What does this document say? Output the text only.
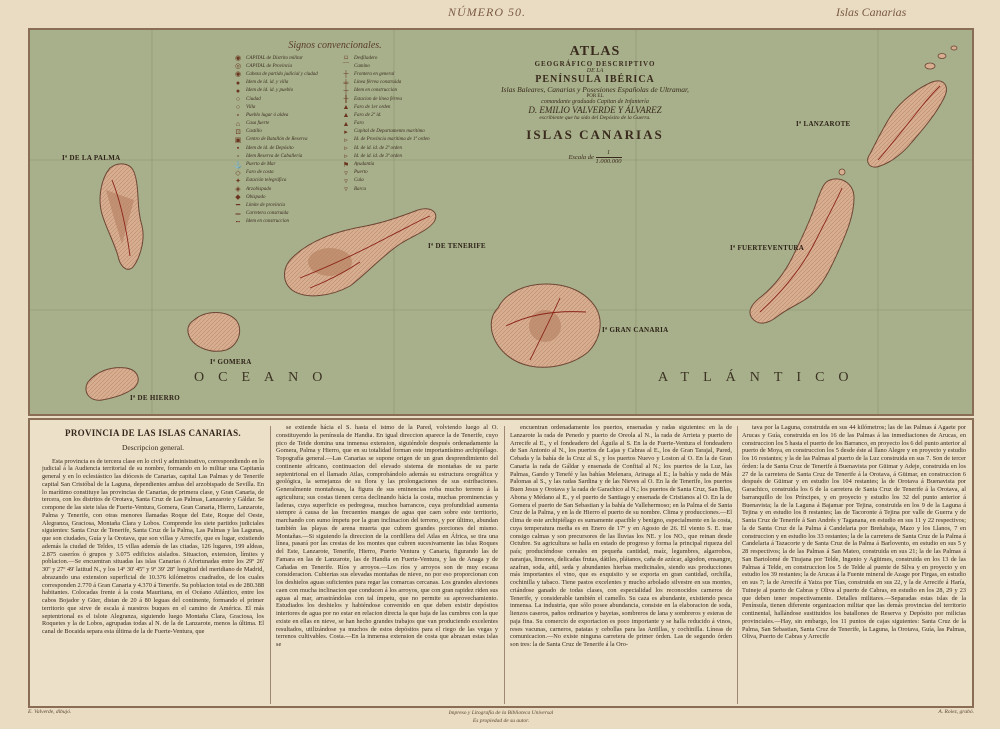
NÚMERO 50.	Islas Canarias
Signos convencionales.
◉ CAPITAL de Distrito militar
◎ CAPITAL de Provincia
◉ Cabeza de partido judicial y ciudad
●	Idem de id. id. y villa
●	Idem de id. id. y pueblo
○	Ciudad
○	Villa
∘	Pueblo lugar ó aldea
⌂	Casa fuerte
⊡	Castillo
▣ Centro de Batallón de Reserva
▪	Idem de id. de Depósito
▫	Idem Reserva de Caballería
⚓ Puerto de Mar
◇	Faro de costa
✦	Estación telegráfica
◈	Arzobispado
◆	Obispado
━	Límite de provincia
═	Carretera construida
┅	Idem en construccion
⌑	Desfiladero
⌒ Camino
┼	Frontera en general
╪	Línea férrea construida
┼	Idem en construccion
╫	Estacion de línea férrea
▲ Faro de 1er orden
▲ Faro de 2º id.
▲ Faro
▸	Capital de Departamento marítimo
▹	Id. de Provincia marítima de 1ª orden
▹	Id. de id. id. de 2ª orden
▹	Id. de id. id. de 3ª orden
⚑ Ayudantía
▿	Puerto
▿	Cala
▿	Barca
ATLAS
GEOGRÁFICO DESCRIPTIVO
DE LA
PENÍNSULA IBÉRICA
Islas Baleares, Canarias y Posesiones Españolas de Ultramar,
POR EL
comandante graduado Capitan de Infantería
D. EMILIO VALVERDE Y ÁLVAREZ
escribiente que ha sido del Depósito de la Guerra.
ISLAS CANARIAS
Escala de $\frac{1}{1.000.000}$
Iª DE LA PALMA
Iª DE TENERIFE
Iª GOMERA
Iª DE HIERRO
Iª GRAN CANARIA
Iª FUERTEVENTURA
Iª LANZAROTE
OCEANO	ATLÁNTICO
PROVINCIA DE LAS ISLAS CANARIAS.
Descripcion general.

Esta provincia es de tercera clase en lo civil y administrativo, correspondiendo en lo judicial á la Audiencia territorial de su nombre, formando en lo militar una Capitanía general y en lo eclesiástico las diócesis de Canarias, capital Las Palmas y de Tenerife capital San Cristóbal de la Laguna, dependientes ambas del arzobispado de Sevilla. En lo marítimo constituye las provincias de Canarias, de primera clase, y Gran Canaria, de tercera, con los distritos de Orotava, Santa Cruz de Las Palmas, Lanzarote y Gáldar. Se compone de las siete islas de Fuerte-Ventura, Gomera, Gran Canaria, Hierro, Lanzarote, Palma y Tenerife, con otras menores llamadas Roque del Este, Roque del Oeste, Alegranza, Graciosa, Montaña Clara y Lobos. Comprende los siete partidos judiciales siguientes: Santa Cruz de Tenerife, Santa Cruz de la Palma, Las Palmas y las Lagunas, que son ciudades, Guía y la Orotava, que son villas y Arrecife, que es lugar, existiendo además la ciudad de Teldes, 15 villas además de las citadas, 126 lugares, 199 aldeas, 2.875 caseríos ó grupos y 3.075 edificios aislados. Situacion, extension, límites y poblacion.—Se encuentran situadas las islas Canarias ó Afortunadas entre los 29º 26' 30'' y 27º 49' latitud N., y los 14º 30' 45'' y 9º 39' 28'' longitud del meridiano de Madrid, abrazando una extension superficial de 10.376 kilómetros cuadrados, de los cuales corresponden 2.770 á Gran Canaria y 4.370 á Tenerife. Su poblacion total es de 280.388 habitantes. Colocadas frente á la costa Mauritana, en el Océano Atlántico, entre los cabos Bojador y Güer, distan de 20 á 80 leguas del continente, formando el primer territorio que sirve de escala á nuestros buques en el camino de América. El más septentrional es el islote Alegranza, siguiendo luego Montaña Clara, Graciosa, los Roquetes y la de Lobos, agrupadas todas al N. de la de Lanzarote, menos la última. El canal de Bocaida separa esta última de la de Fuerte-Ventura, que

se extiende hácia el S. hasta el istmo de la Pared, volviendo luego al O. constituyendo la península de Handia. En igual direccion aparece la de Tenerife, cuyo pico de Teide domina una inmensa extension, siguiéndole después ordenadamente la Gomera, Palma y Hierro, que en su totalidad forman este importantísimo archipiélago. Topografía general.—Las Canarias se supone origen de un gran desprendimiento del continente africano, continuacion del elevado sistema de montañas de su parte septentrional en el llamado Atlas, comprobándolo además su estructura orográfica y geológica, la semejanza de su flora y las prolongaciones de sus estribaciones. Generalmente montañosas, la figura de sus eminencias roba mucho terreno á la agricultura; sus costas tienen cerca declinando hácia la costa, muchas prominencias y laderas, cuya superficie es pedregosa, muchos barrancos, cuya profundidad aumenta siempre á causa de las frecuentes mangas de agua que caen sobre este territorio, marchando con sumo ímpetu por la gran inclinacion del terreno, y por último, abundan también las playas de arena muerta que cubren grandes porciones del mismo. Montañas.—Si siguiendo la direccion de la cordillera del Atlas en África, se tira una línea, pasará por las crestas de los montes que cubren sucesivamente las islas Roques del Este, Lanzarote, Tenerife, Hierro, Puerto Ventura y Canaria, figurando las de Famara en las de Lanzarote, las de Handia en Fuerte-Ventura, y las de Anaga y de Cañadas en Tenerife. Ríos y arroyos.—Los ríos y arroyos son de muy escasa consideracion. Cubiertas sus elevadas montañas de nieve, no por eso proporcionan con los deshielos aguas suficientes para regar las comarcas cercanas. Los grandes aluviones caen con mucha inclinacion que conducen á los arroyos, que con gran rapidez riden sus aguas al mar, arrastrándolas con tal ímpetu, que no permite su aprovechamiento. Estudiados los deshielos y habiéndose convenido en que deben existir depósitos interiores de agua por no estar en relacion directa la que baja de las cumbres con la que existe en ellas en nieve, se han hecho grandes trabajos que van produciendo excelentes resultados, utilizándose ya muchos de estos depósitos para el riego de las vegas y terrenos cultivables. Costa.—En la inmensa extension de costa que abrazan estas islas se

encuentran ordenadamente los puertos, ensenadas y radas siguientes: en la de Lanzarote la rada de Penedo y puerto de Oreola al N., la rada de Arrieta y puerto de Arrecife al E., y el fondeadero del Águila al S. En la de Fuerte-Ventura el fondeadero de San Antonio al N., los puertos de Lajas y Cabras al E., los de Gran Tarajal, Pared, Cebada y la bahía de la Cruz al S., y los puertos Nuevo y Loston al O. En la de Gran Canaria la rada de Gáldar y ensenada de Confital al N.; los puertos de la Luz, las Palmas, Gando y Tenefé y las bahías Melenara, Arinaga al E.; la bahía y rada de Más Palomas al S., y las radas Sardina y de las Nieves al O. En la de Tenerife, los puertos Buen Jesus y Orotava y la rada de Garachico al N.; los puertos de Santa Cruz, San Blas, Abona y Médano al E., y el puerto de Santiago y ensenada de Cristianos al O. En la de Gomera el puerto de San Sebastian y la bahía de Vallehermoso; en la Palma el de Santa Cruz de la Palma, y en la de Hierro el puerto de su nombre. Clima y producciones.—El clima de este archipiélago es sumamente apacible y benigno, especialmente en la costa, cuya temperatura media es en Enero de 17º y en Agosto de 26. El viento S. E. trae consigo calmas y son precursores de las lluvias los NE. y los NO., que reinan desde Octubre. Su agricultura se halla en estado de progreso y forma la principal riqueza del país; produciéndose cereales en pequeña cantidad, maíz, legumbres, algarrobos, naranjas, limones, delicadas frutas, dátiles, plátanos, caña de azúcar, algodon, ensangre, azafran, soda, añil, seda y abundantes hierbas medicinales, siendo sus producciones más importantes el vino, que es exquisito y se exporta en gran cantidad, orchilla, cochinilla y tabaco. Tiene pastos excelentes y mucho arbolado silvestre en sus montes, criándose ganado de todas clases, con especialidad los reconocidos carneros de Tenerife, y considerable también el camello. Su caza es abundante, existiendo pesca inmensa. La industria, que sólo posee abundancia, consiste en la elaboracion de soda, lienzos caseros, paños ordinarios y bayetas, sombreros de lana y sombreros y esteras de paja fina. Su comercio de exportacion es poco importante y se halla reducido á vinos, reses vacunas, carneros, patatas y cebollas para las Antillas, y cochinilla. Líneas de comunicacion.—No existe ninguna carretera de primer órden. Las de segundo órden son tres: la de Santa Cruz de Tenerife á la Oro-

tava por la Laguna, construida en sus 44 kilómetros; las de las Palmas á Agaete por Arucas y Guía, construida en los 16 de las Palmas á las inmediaciones de Arucas, en construccion los 5 hasta el puerto de los Barranco, en proyecto los 6 del punto anterior al puerto de Moya, en construccion los 5 desde éste al llano Alegre y en proyecto y estudio los 16 restantes; y la de las Palmas al puerto de la Luz construida en sus 7. Son de tercer órden: la de Santa Cruz de Tenerife á Buenavista por Güimar y Adeje, construida en los 27 de la carretera de Santa Cruz de Tenerife á la Orotava, á Güimar, en construccion 6 después de Güimar y en estudio los 104 restantes; la de Orotava á Buenavista por Garachico, construida los 6 de la carretera de Santa Cruz de Tenerife á la Orotava, al barranquillo de los Príncipes, y en proyecto y estudio los 32 del punto anterior á Buenavista; la de la Laguna á Bajamar por Tejina, construida en los 9 de la Laguna á Tejina y en estudio los 8 restantes; las de Tacoronte á Tejina por valle de Guerra y de Santa Cruz de Tenerife á San Andrés y Taganana, en estudio en sus 11 y 22 respectivos; la de Santa Cruz de la Palma á Candelaria por Breñabaja, Mazo y los Llanos, 7 en construccion y en estudio los 33 restantes; la de la carretera de Santa Cruz de la Palma á Candelaria á Tazacorte y de Santa Cruz de la Palma á Barlovento, en estudio en sus 5 y 28 respectivos; la de las Palmas á San Mateo, construida en sus 21; la de las Palmas á San Bartolomé de Tirajana por Telde, Ingenio y Agüimes, construida en los 13 de las Palmas á Telde, en construccion los 5 de Telde al puente de Silva y en proyecto y en estudio los 39 restantes; la de Arucas á la Fuente mineral de Azage por Firgas, en estudio en sus 7; la de Arrecife á Yaiza por Tías, construida en sus 22, y la de Arrecife á Haría, Tuineje al puerto de Cabras y Oliva al puerto de Cabras, en estudio en los 28, 29 y 23 que deben tener respectivamente. Detalles militares.—Separadas estas islas de la Península, tienen diferente organizacion militar que las demás provincias del territorio continental, hallándose sustituidos los batallones de Reserva y Depósito por milicias provinciales.—Hay, sin embargo, los 11 puntos de cajas siguientes: Santa Cruz de la Palma, San Sebastian, Santa Cruz de Tenerife, la Laguna, la Orotava, Guía, las Palmas, Oliva, Puerto de Cabras y Arrecife

E. Valverde, dibujó.	Impreso y Litografía de la Biblioteca Universal
Es propiedad de su autor.
A. Roiez, grabó.
